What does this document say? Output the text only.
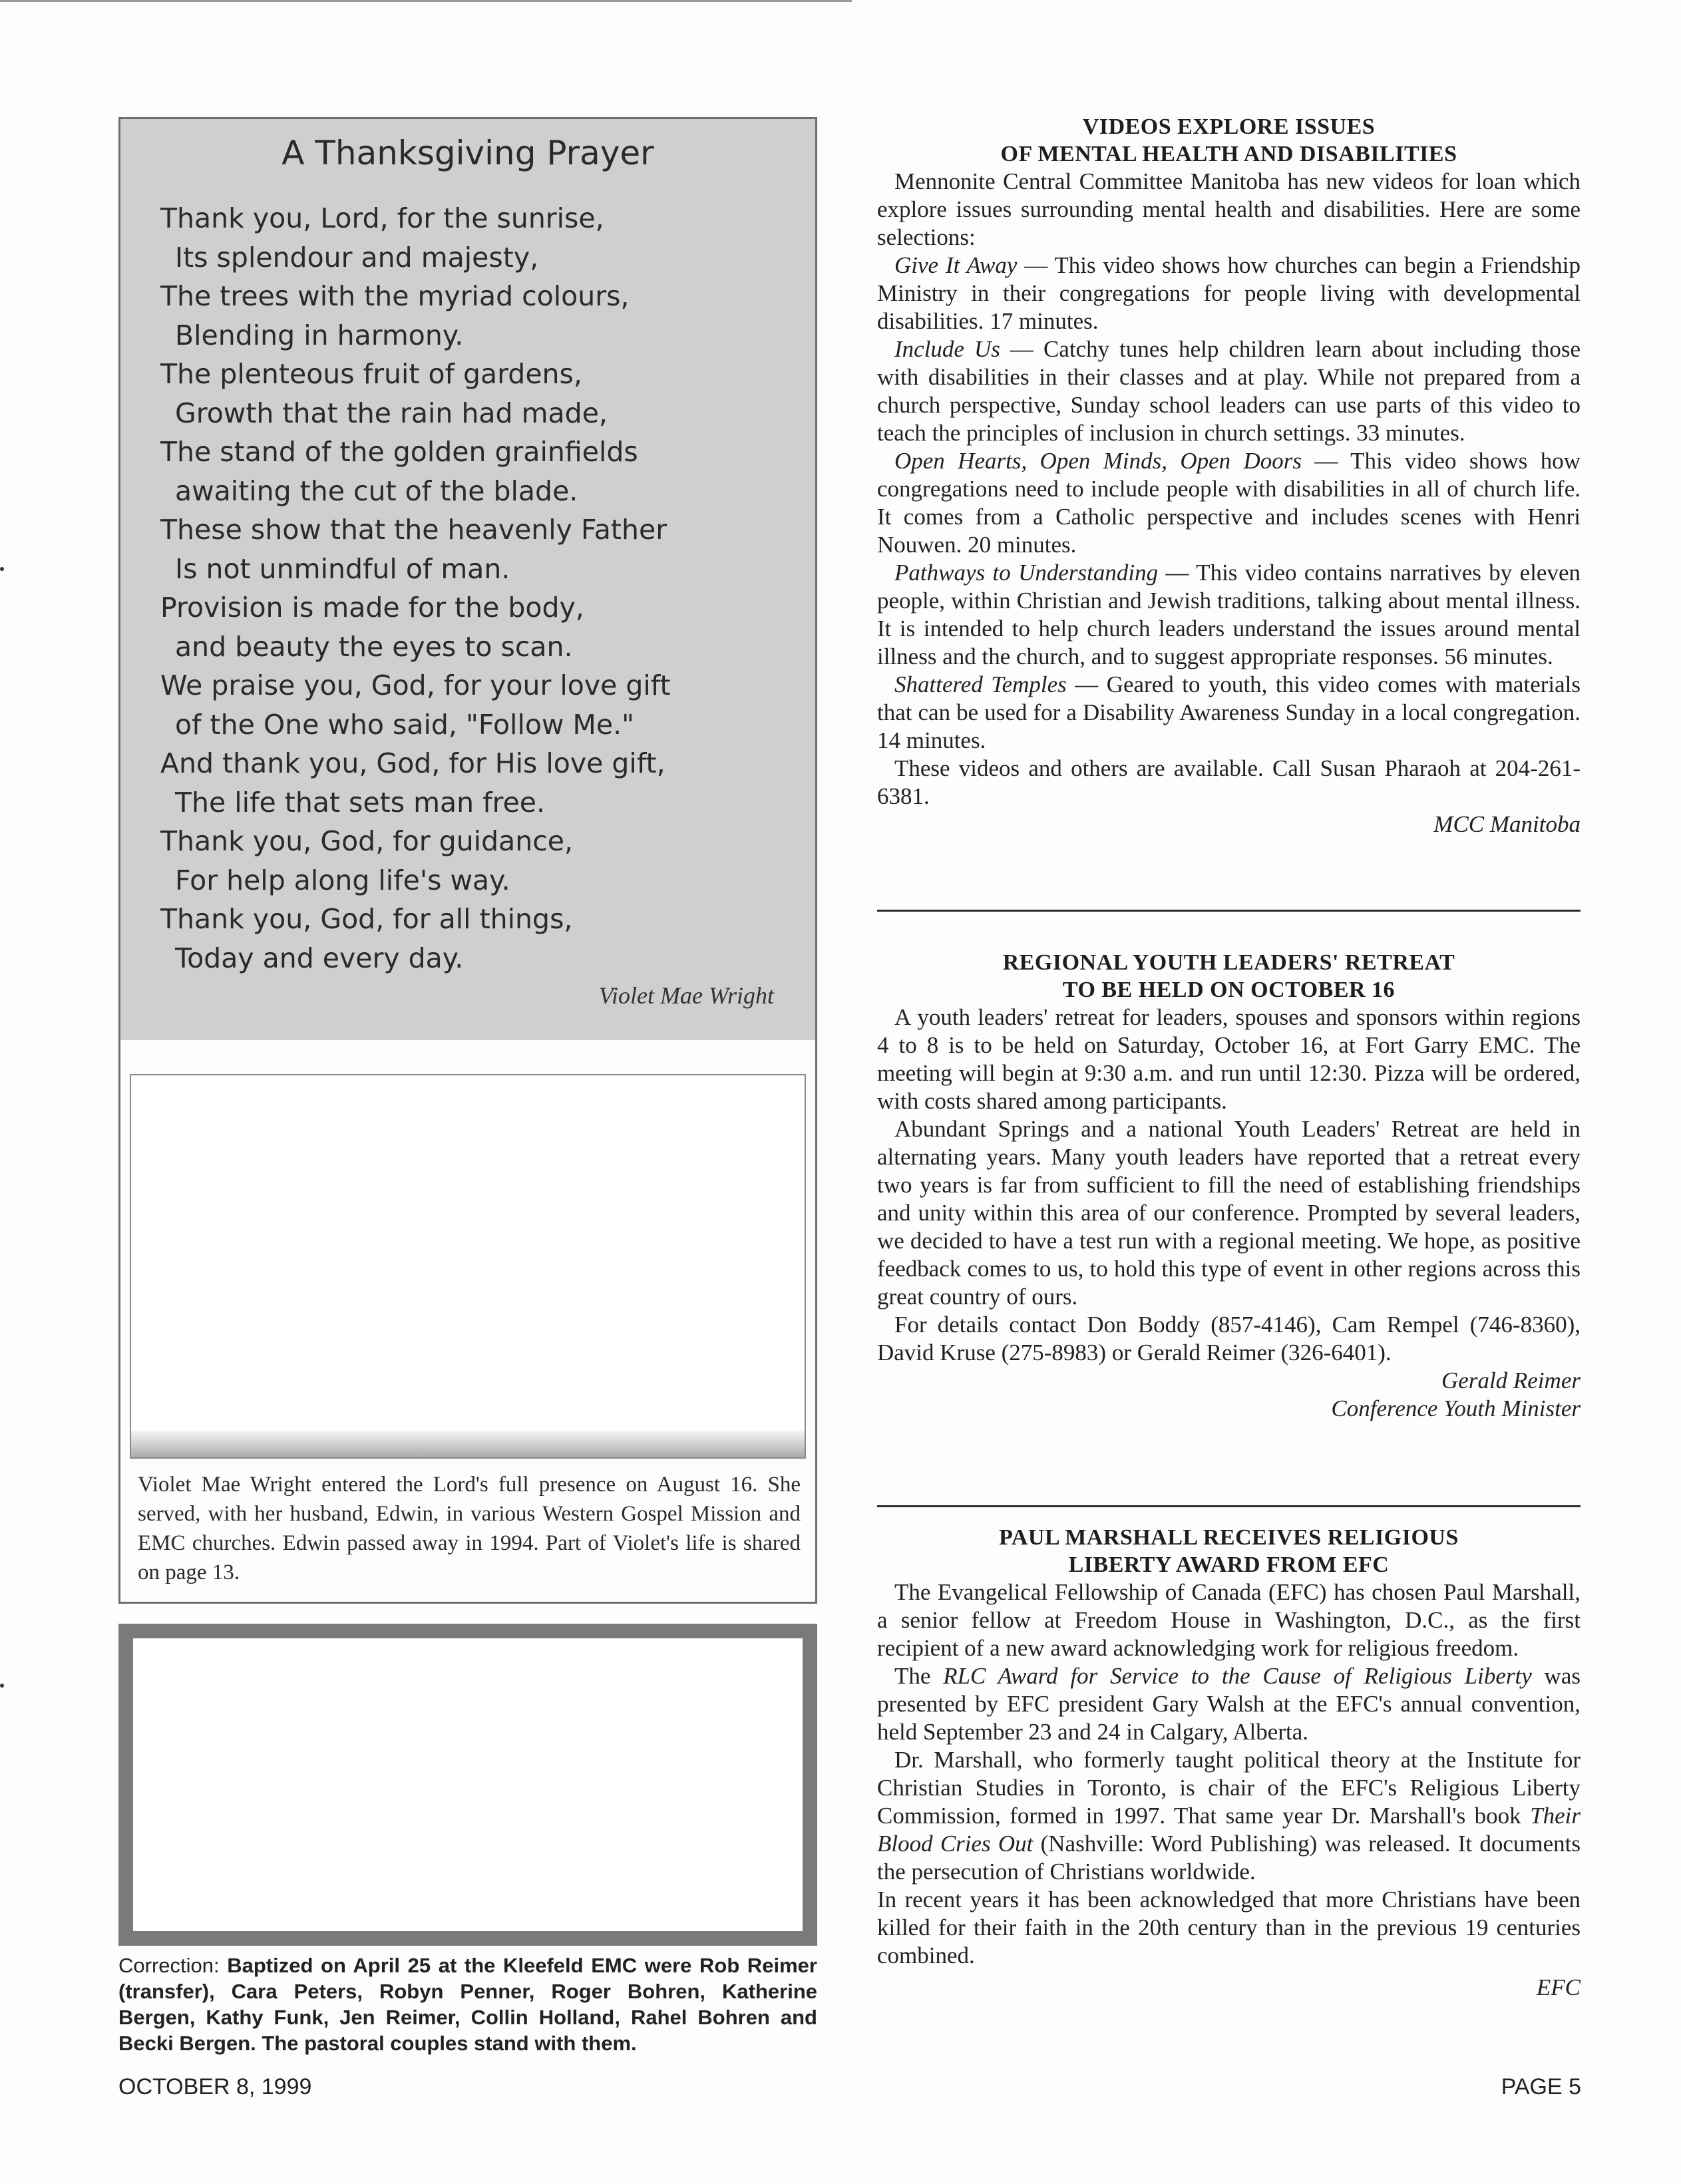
A Thanksgiving Prayer
Thank you, Lord, for the sunrise,
Its splendour and majesty,
The trees with the myriad colours,
Blending in harmony.
The plenteous fruit of gardens,
Growth that the rain had made,
The stand of the golden grainfields
awaiting the cut of the blade.
These show that the heavenly Father
Is not unmindful of man.
Provision is made for the body,
and beauty the eyes to scan.
We praise you, God, for your love gift
of the One who said, "Follow Me."
And thank you, God, for His love gift,
The life that sets man free.
Thank you, God, for guidance,
For help along life's way.
Thank you, God, for all things,
Today and every day.
Violet Mae Wright
Violet Mae Wright entered the Lord's full presence on August 16. She served, with her husband, Edwin, in various Western Gospel Mission and EMC churches. Edwin passed away in 1994. Part of Violet's life is shared on page 13.
Correction: Baptized on April 25 at the Kleefeld EMC were Rob Reimer (transfer), Cara Peters, Robyn Penner, Roger Bohren, Katherine Bergen, Kathy Funk, Jen Reimer, Collin Holland, Rahel Bohren and Becki Bergen. The pastoral couples stand with them.
VIDEOS EXPLORE ISSUES
OF MENTAL HEALTH AND DISABILITIES

Mennonite Central Committee Manitoba has new videos for loan which explore issues surrounding mental health and disabilities. Here are some selections:

Give It Away — This video shows how churches can begin a Friendship Ministry in their congregations for people living with developmental disabilities. 17 minutes.

Include Us — Catchy tunes help children learn about including those with disabilities in their classes and at play. While not prepared from a church perspective, Sunday school leaders can use parts of this video to teach the principles of inclusion in church settings. 33 minutes.

Open Hearts, Open Minds, Open Doors — This video shows how congregations need to include people with disabilities in all of church life. It comes from a Catholic perspective and includes scenes with Henri Nouwen. 20 minutes.

Pathways to Understanding — This video contains narratives by eleven people, within Christian and Jewish traditions, talking about mental illness. It is intended to help church leaders understand the issues around mental illness and the church, and to suggest appropriate responses. 56 minutes.

Shattered Temples — Geared to youth, this video comes with materials that can be used for a Disability Awareness Sunday in a local congregation. 14 minutes.

These videos and others are available. Call Susan Pharaoh at 204-261-6381.

MCC Manitoba
REGIONAL YOUTH LEADERS' RETREAT
TO BE HELD ON OCTOBER 16

A youth leaders' retreat for leaders, spouses and sponsors within regions 4 to 8 is to be held on Saturday, October 16, at Fort Garry EMC. The meeting will begin at 9:30 a.m. and run until 12:30. Pizza will be ordered, with costs shared among participants.

Abundant Springs and a national Youth Leaders' Retreat are held in alternating years. Many youth leaders have reported that a retreat every two years is far from sufficient to fill the need of establishing friendships and unity within this area of our conference. Prompted by several leaders, we decided to have a test run with a regional meeting. We hope, as positive feedback comes to us, to hold this type of event in other regions across this great country of ours.

For details contact Don Boddy (857-4146), Cam Rempel (746-8360), David Kruse (275-8983) or Gerald Reimer (326-6401).

Gerald Reimer
Conference Youth Minister
PAUL MARSHALL RECEIVES RELIGIOUS
LIBERTY AWARD FROM EFC

The Evangelical Fellowship of Canada (EFC) has chosen Paul Marshall, a senior fellow at Freedom House in Washington, D.C., as the first recipient of a new award acknowledging work for religious freedom.

The RLC Award for Service to the Cause of Religious Liberty was presented by EFC president Gary Walsh at the EFC's annual convention, held September 23 and 24 in Calgary, Alberta.

Dr. Marshall, who formerly taught political theory at the Institute for Christian Studies in Toronto, is chair of the EFC's Religious Liberty Commission, formed in 1997. That same year Dr. Marshall's book Their Blood Cries Out (Nashville: Word Publishing) was released. It documents the persecution of Christians worldwide.

In recent years it has been acknowledged that more Christians have been killed for their faith in the 20th century than in the previous 19 centuries combined.

EFC
OCTOBER 8, 1999	PAGE 5
